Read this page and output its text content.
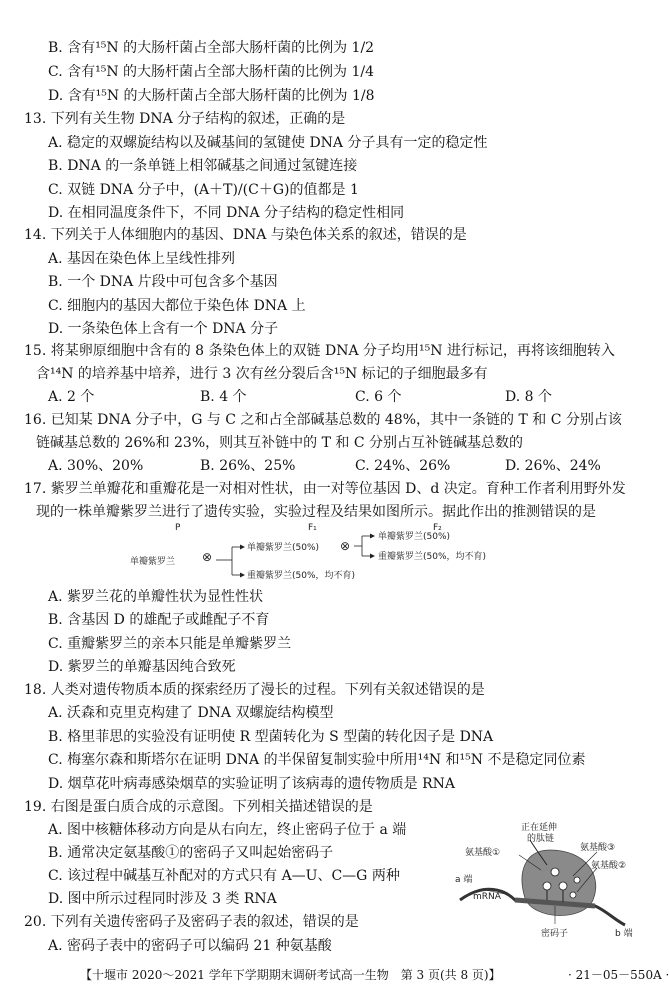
B. 含有¹⁵N 的大肠杆菌占全部大肠杆菌的比例为 1/2
C. 含有¹⁵N 的大肠杆菌占全部大肠杆菌的比例为 1/4
D. 含有¹⁵N 的大肠杆菌占全部大肠杆菌的比例为 1/8
13. 下列有关生物 DNA 分子结构的叙述，正确的是
A. 稳定的双螺旋结构以及碱基间的氢键使 DNA 分子具有一定的稳定性
B. DNA 的一条单链上相邻碱基之间通过氢键连接
C. 双链 DNA 分子中，(A＋T)/(C＋G)的值都是 1
D. 在相同温度条件下，不同 DNA 分子结构的稳定性相同
14. 下列关于人体细胞内的基因、DNA 与染色体关系的叙述，错误的是
A. 基因在染色体上呈线性排列
B. 一个 DNA 片段中可包含多个基因
C. 细胞内的基因大都位于染色体 DNA 上
D. 一条染色体上含有一个 DNA 分子
15. 将某卵原细胞中含有的 8 条染色体上的双链 DNA 分子均用¹⁵N 进行标记，再将该细胞转入
含¹⁴N 的培养基中培养，进行 3 次有丝分裂后含¹⁵N 标记的子细胞最多有
A. 2 个	B. 4 个	C. 6 个	D. 8 个
16. 已知某 DNA 分子中，G 与 C 之和占全部碱基总数的 48%，其中一条链的 T 和 C 分别占该
链碱基总数的 26%和 23%，则其互补链中的 T 和 C 分别占互补链碱基总数的
A. 30%、20%	B. 26%、25%	C. 24%、26%	D. 26%、24%
17. 紫罗兰单瓣花和重瓣花是一对相对性状，由一对等位基因 D、d 决定。育种工作者利用野外发
现的一株单瓣紫罗兰进行了遗传实验，实验过程及结果如图所示。据此作出的推测错误的是
P	F₁	F₂
单瓣紫罗兰 ⊗
单瓣紫罗兰(50%)
重瓣紫罗兰(50%，均不育)
⊗
单瓣紫罗兰(50%)
重瓣紫罗兰(50%，均不育)
A. 紫罗兰花的单瓣性状为显性性状
B. 含基因 D 的雄配子或雌配子不育
C. 重瓣紫罗兰的亲本只能是单瓣紫罗兰
D. 紫罗兰的单瓣基因纯合致死
18. 人类对遗传物质本质的探索经历了漫长的过程。下列有关叙述错误的是
A. 沃森和克里克构建了 DNA 双螺旋结构模型
B. 格里菲思的实验没有证明使 R 型菌转化为 S 型菌的转化因子是 DNA
C. 梅塞尔森和斯塔尔在证明 DNA 的半保留复制实验中所用¹⁴N 和¹⁵N 不是稳定同位素
D. 烟草花叶病毒感染烟草的实验证明了该病毒的遗传物质是 RNA
19. 右图是蛋白质合成的示意图。下列相关描述错误的是
A. 图中核糖体移动方向是从右向左，终止密码子位于 a 端
B. 通常决定氨基酸①的密码子又叫起始密码子
C. 该过程中碱基互补配对的方式只有 A—U、C—G 两种
D. 图中所示过程同时涉及 3 类 RNA
正在延伸
的肽链
氨基酸①	氨基酸③
氨基酸②
a 端
mRNA
b 端
密码子
20. 下列有关遗传密码子及密码子表的叙述，错误的是
A. 密码子表中的密码子可以编码 21 种氨基酸
【十堰市 2020～2021 学年下学期期末调研考试高一生物　第 3 页(共 8 页)】	· 21－05－550A ·
